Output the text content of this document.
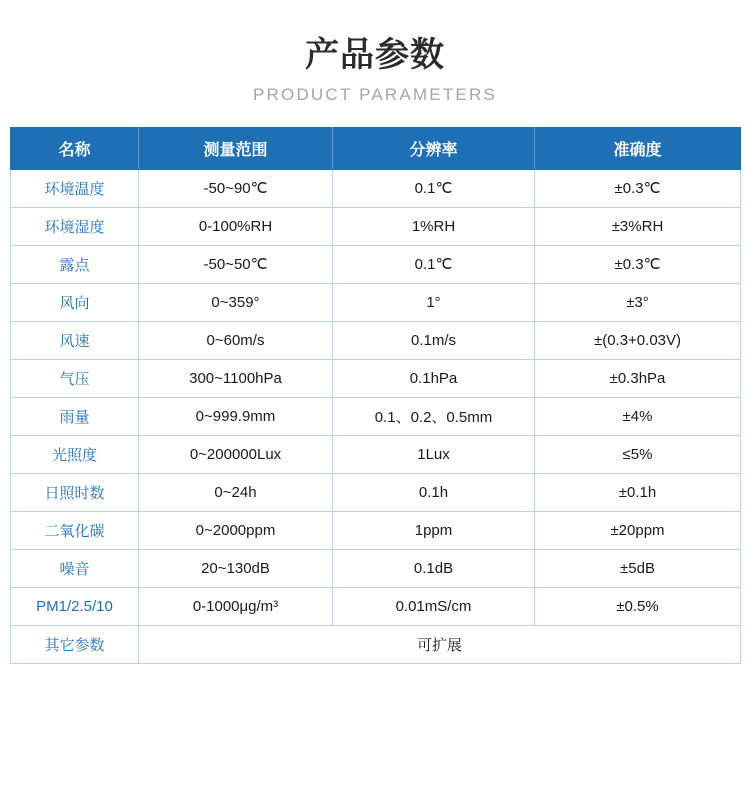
产品参数
PRODUCT PARAMETERS
名称	测量范围	分辨率	准确度
环境温度	-50~90℃	0.1℃	±0.3℃
环境湿度	0-100%RH	1%RH	±3%RH
露点	-50~50℃	0.1℃	±0.3℃
风向	0~359°	1°	±3°
风速	0~60m/s	0.1m/s	±(0.3+0.03V)
气压	300~1100hPa	0.1hPa	±0.3hPa
雨量	0~999.9mm	0.1、0.2、0.5mm	±4%
光照度	0~200000Lux	1Lux	≤5%
日照时数	0~24h	0.1h	±0.1h
二氧化碳	0~2000ppm	1ppm	±20ppm
噪音	20~130dB	0.1dB	±5dB
PM1/2.5/10	0-1000μg/m³	0.01mS/cm	±0.5%
其它参数	可扩展		
